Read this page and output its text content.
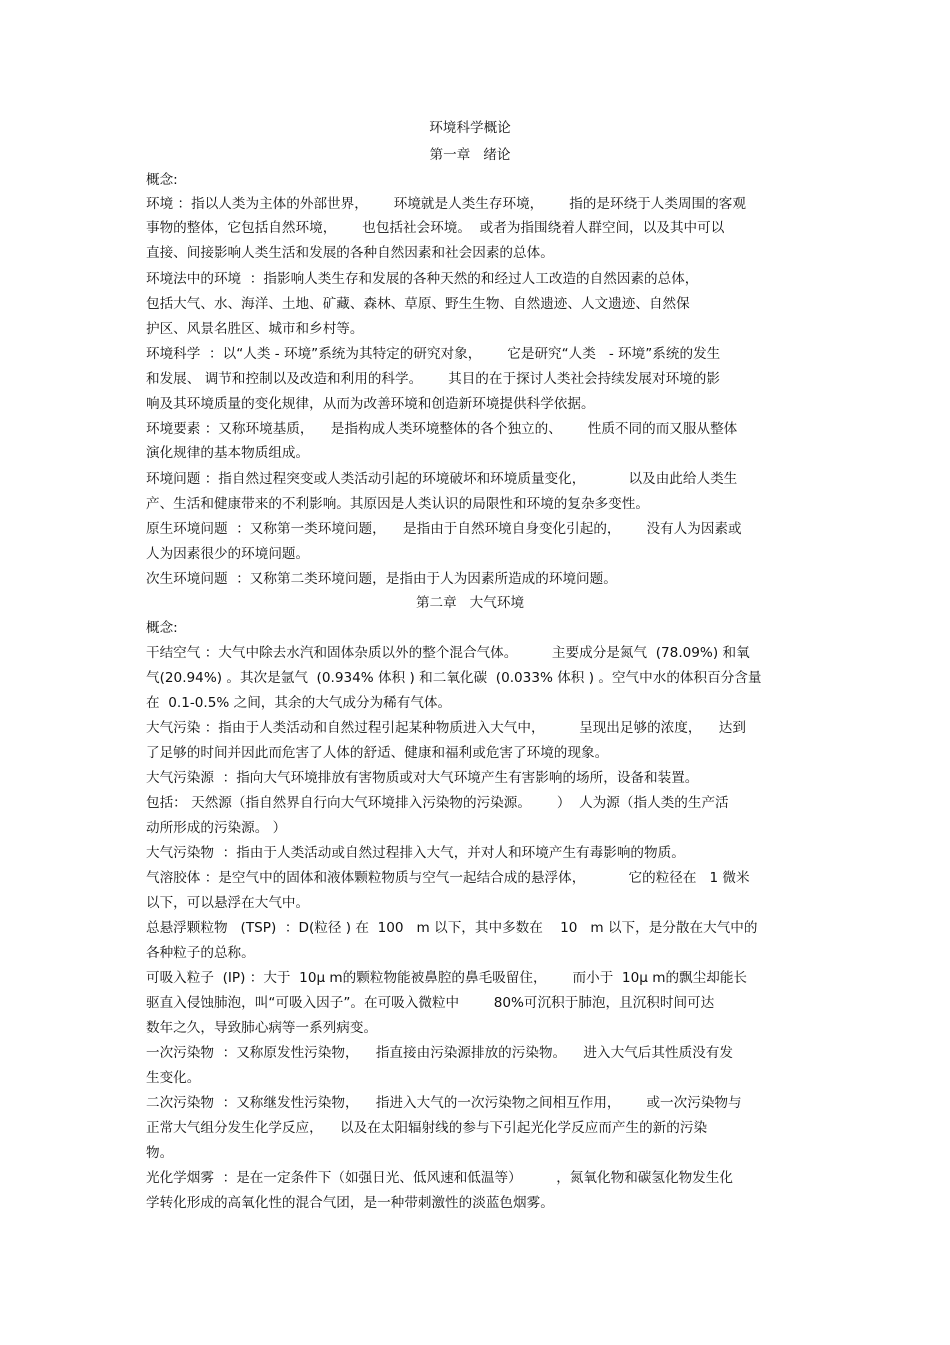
环境科学概论
第一章   绪论
概念:
环境 ：指以人类为主体的外部世界，      环境就是人类生存环境，      指的是环绕于人类周围的客观
事物的整体，它包括自然环境，      也包括社会环境。  或者为指围绕着人群空间，以及其中可以
直接、间接影响人类生活和发展的各种自然因素和社会因素的总体。
环境法中的环境  ：指影响人类生存和发展的各种天然的和经过人工改造的自然因素的总体，
包括大气、水、海洋、土地、矿藏、森林、草原、野生生物、自然遗迹、人文遗迹、自然保
护区、风景名胜区、城市和乡村等。
环境科学  ：以“人类 - 环境”系统为其特定的研究对象，      它是研究“人类   - 环境”系统的发生
和发展、 调节和控制以及改造和利用的科学。      其目的在于探讨人类社会持续发展对环境的影
响及其环境质量的变化规律，从而为改善环境和创造新环境提供科学依据。
环境要素 ：又称环境基质，    是指构成人类环境整体的各个独立的、      性质不同的而又服从整体
演化规律的基本物质组成。
环境问题 ：指自然过程突变或人类活动引起的环境破坏和环境质量变化，          以及由此给人类生
产、生活和健康带来的不利影响。其原因是人类认识的局限性和环境的复杂多变性。
原生环境问题  ：又称第一类环境问题，    是指由于自然环境自身变化引起的，      没有人为因素或
人为因素很少的环境问题。
次生环境问题  ：又称第二类环境问题，是指由于人为因素所造成的环境问题。
第二章   大气环境
概念:
干结空气 ：大气中除去水汽和固体杂质以外的整个混合气体。        主要成分是氮气  (78.09%) 和氧
气(20.94%) 。其次是氩气  (0.934% 体积 ) 和二氧化碳  (0.033% 体积 ) 。空气中水的体积百分含量
在  0.1-0.5% 之间，其余的大气成分为稀有气体。
大气污染 ：指由于人类活动和自然过程引起某种物质进入大气中，        呈现出足够的浓度，    达到
了足够的时间并因此而危害了人体的舒适、健康和福利或危害了环境的现象。
大气污染源  ：指向大气环境排放有害物质或对大气环境产生有害影响的场所，设备和装置。
包括： 天然源（指自然界自行向大气环境排入污染物的污染源。      ）  人为源（指人类的生产活
动所形成的污染源。 ）
大气污染物  ：指由于人类活动或自然过程排入大气，并对人和环境产生有毒影响的物质。
气溶胶体 ：是空气中的固体和液体颗粒物质与空气一起结合成的悬浮体，          它的粒径在   1 微米
以下，可以悬浮在大气中。
总悬浮颗粒物   (TSP)  ：D(粒径 ) 在  100   m 以下，其中多数在    10   m 以下，是分散在大气中的
各种粒子的总称。
可吸入粒子  (IP) ：大于  10μ m的颗粒物能被鼻腔的鼻毛吸留住，      而小于  10μ m的飘尘却能长
驱直入侵蚀肺泡，叫“可吸入因子”。在可吸入微粒中        80%可沉积于肺泡，且沉积时间可达
数年之久，导致肺心病等一系列病变。
一次污染物  ：又称原发性污染物，    指直接由污染源排放的污染物。    进入大气后其性质没有发
生变化。
二次污染物  ：又称继发性污染物，    指进入大气的一次污染物之间相互作用，      或一次污染物与
正常大气组分发生化学反应，    以及在太阳辐射线的参与下引起光化学反应而产生的新的污染
物。
光化学烟雾  ：是在一定条件下（如强日光、低风速和低温等）        ，氮氧化物和碳氢化物发生化
学转化形成的高氧化性的混合气团，是一种带刺激性的淡蓝色烟雾。
